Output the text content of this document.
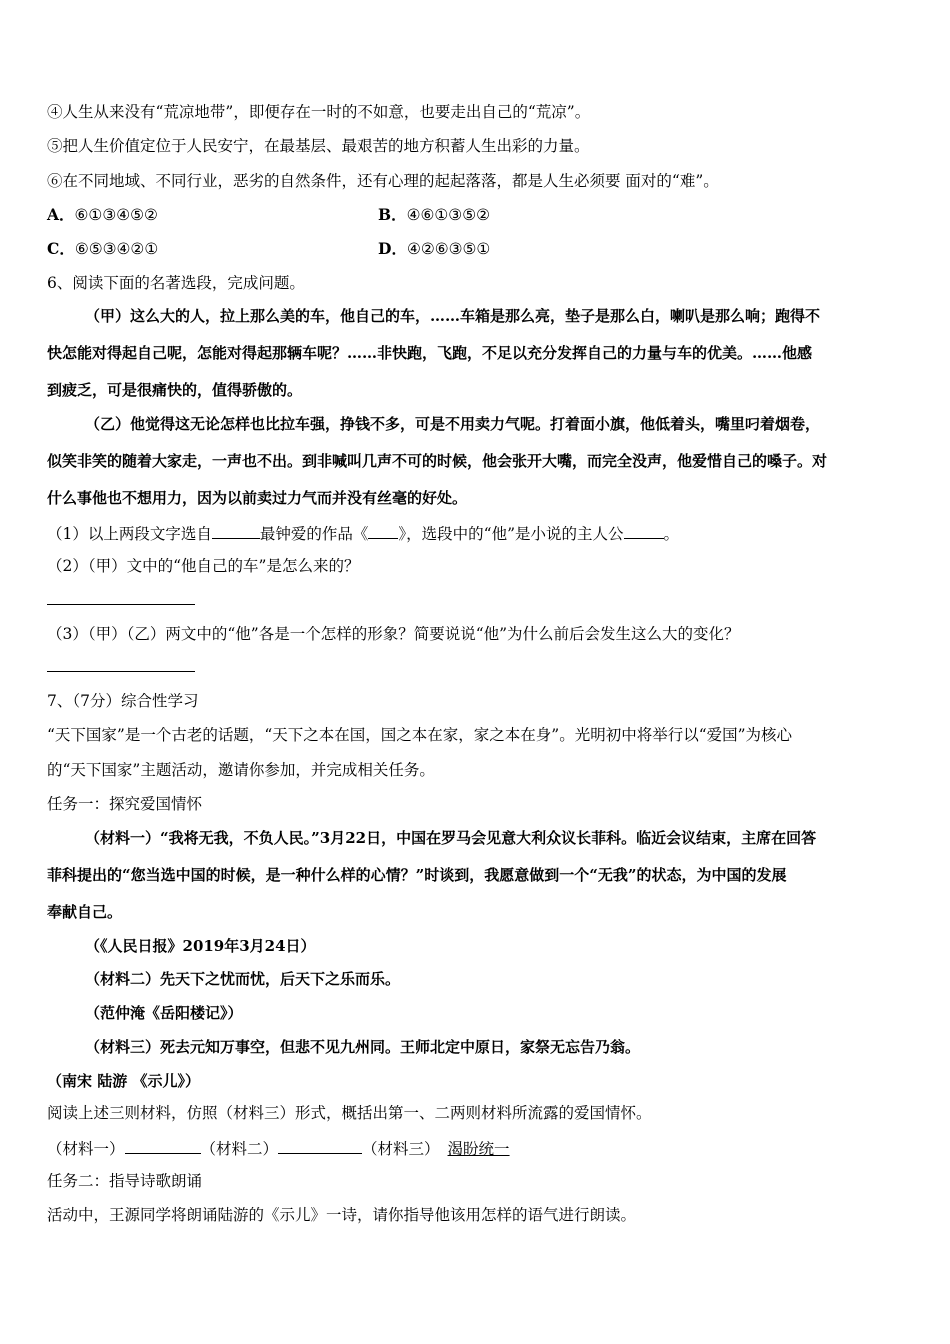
④人生从来没有“荒凉地带”，即便存在一时的不如意，也要走出自己的“荒凉”。
⑤把人生价值定位于人民安宁，在最基层、最艰苦的地方积蓄人生出彩的力量。
⑥在不同地域、不同行业，恶劣的自然条件，还有心理的起起落落，都是人生必须要 面对的“难”。
A．⑥①③④⑤②	B．④⑥①③⑤②
C．⑥⑤③④②①	D．④②⑥③⑤①
6、阅读下面的名著选段，完成问题。
（甲）这么大的人，拉上那么美的车，他自己的车，……车箱是那么亮，垫子是那么白，喇叭是那么响；跑得不
快怎能对得起自己呢，怎能对得起那辆车呢？……非快跑，飞跑，不足以充分发挥自己的力量与车的优美。……他感
到疲乏，可是很痛快的，值得骄傲的。
（乙）他觉得这无论怎样也比拉车强，挣钱不多，可是不用卖力气呢。打着面小旗，他低着头，嘴里叼着烟卷，
似笑非笑的随着大家走，一声也不出。到非喊叫几声不可的时候，他会张开大嘴，而完全没声，他爱惜自己的嗓子。对
什么事他也不想用力，因为以前卖过力气而并没有丝毫的好处。
（1）以上两段文字选自	最钟爱的作品《 》，选段中的“他”是小说的主人公	。
（2）（甲）文中的“他自己的车”是怎么来的？
（3）（甲）（乙）两文中的“他”各是一个怎样的形象？简要说说“他”为什么前后会发生这么大的变化？
7、（7分）综合性学习
“天下国家”是一个古老的话题，“天下之本在国，国之本在家，家之本在身”。光明初中将举行以“爱国”为核心
的“天下国家”主题活动，邀请你参加，并完成相关任务。
任务一：探究爱国情怀
（材料一）“我将无我，不负人民。”3月22日，中国在罗马会见意大利众议长菲科。临近会议结束，主席在回答
菲科提出的“您当选中国的时候，是一种什么样的心情？”时谈到，我愿意做到一个“无我”的状态，为中国的发展
奉献自己。
（《人民日报》2019年3月24日）
（材料二）先天下之忧而忧，后天下之乐而乐。
（范仲淹《岳阳楼记》）
（材料三）死去元知万事空，但悲不见九州同。王师北定中原日，家祭无忘告乃翁。
（南宋 陆游 《示儿》）
阅读上述三则材料，仿照（材料三）形式，概括出第一、二两则材料所流露的爱国情怀。
（材料一）	（材料二）	（材料三） 渴盼统一
任务二：指导诗歌朗诵
活动中，王源同学将朗诵陆游的《示儿》一诗，请你指导他该用怎样的语气进行朗读。
